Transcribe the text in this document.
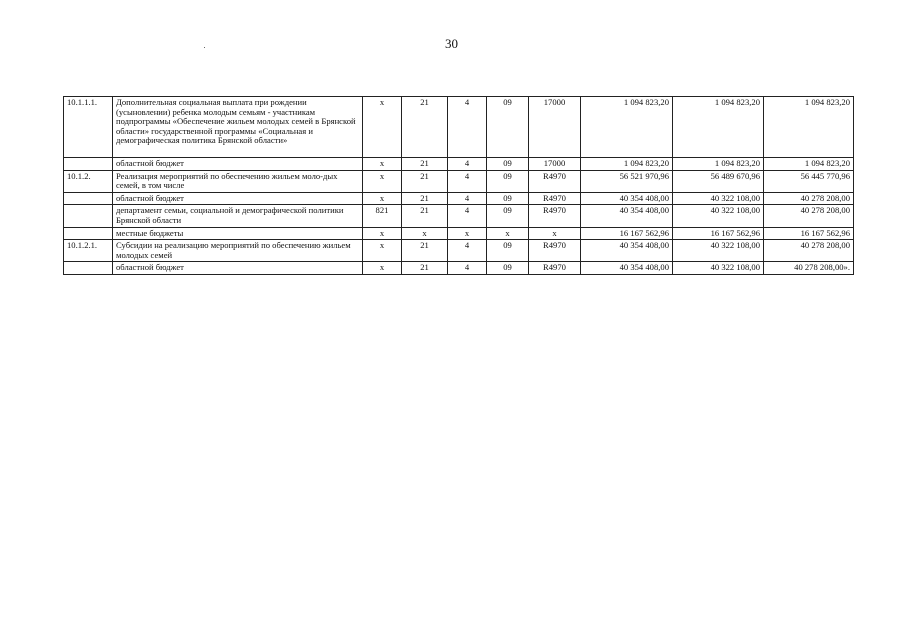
30
10.1.1.1.	Дополнительная социальная выплата при рождении (усыновлении) ребенка молодым семьям - участникам подпрограммы «Обеспечение жильем молодых семей в Брянской области» государственной программы «Социальная и демографическая политика Брянской области»	х	21	4	09	17000	1 094 823,20	1 094 823,20	1 094 823,20
	областной бюджет	х	21	4	09	17000	1 094 823,20	1 094 823,20	1 094 823,20
10.1.2.	Реализация мероприятий по обеспечению жильем моло-дых семей, в том числе	х	21	4	09	R4970	56 521 970,96	56 489 670,96	56 445 770,96
	областной бюджет	х	21	4	09	R4970	40 354 408,00	40 322 108,00	40 278 208,00
	департамент семьи, социальной и демографической политики Брянской области	821	21	4	09	R4970	40 354 408,00	40 322 108,00	40 278 208,00
	местные бюджеты	х	х	х	х	х	16 167 562,96	16 167 562,96	16 167 562,96
10.1.2.1.	Субсидии на реализацию мероприятий по обеспечению жильем молодых семей	х	21	4	09	R4970	40 354 408,00	40 322 108,00	40 278 208,00
	областной бюджет	х	21	4	09	R4970	40 354 408,00	40 322 108,00	40 278 208,00».
